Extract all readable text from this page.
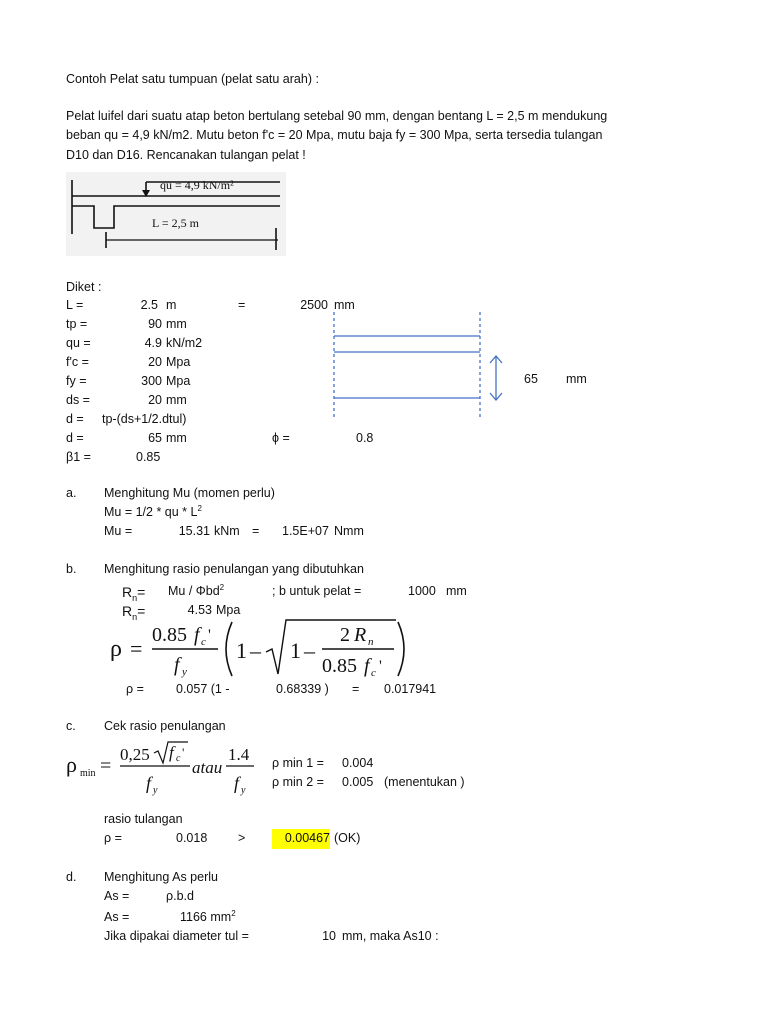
Contoh Pelat satu tumpuan (pelat satu arah) :
Pelat luifel dari suatu atap beton bertulang setebal 90 mm, dengan bentang L = 2,5 m mendukung
beban qu = 4,9 kN/m2. Mutu beton f'c = 20 Mpa, mutu baja fy = 300 Mpa, serta tersedia tulangan
D10 dan D16. Rencanakan tulangan pelat !
qu = 4,9 kN/m²
L = 2,5 m
Diket :
L =	2.5 m	=	2500 mm
tp =	90 mm
qu =	4.9 kN/m2
f'c =	20 Mpa
fy =	300 Mpa
ds =	20 mm
d = tp-(ds+1/2.dtul)
d =	65 mm	ϕ =	0.8
β1 =	0.85
65 mm
a. Menghitung Mu (momen perlu)
Mu = 1/2 * qu * $L^2$
Mu =	15.31 kNm = 1.5E+07 Nmm
b. Menghitung rasio penulangan yang dibutuhkan
$R_n= Mu / \Phi bd^2$	; b untuk pelat =	1000 mm
$R_n=$	4.53 Mpa
ρ =
0.85 f c '
f y
1 – 1 –
2 R n
0.85 f c '
ρ =	0.057 (1 -	0.68339 ) = 0.017941
c. Cek rasio penulangan
ρ min =
0,25 f c '
f y
atau
1.4
f y
ρ min 1 = 0.004
ρ min 2 = 0.005 (menentukan )
rasio tulangan
ρ =	0.018 >	0.00467 (OK)
d. Menghitung As perlu
As =	ρ.b.d
As =	1166 $mm^2$
Jika dipakai diameter tul =	10 mm, maka As10 :
